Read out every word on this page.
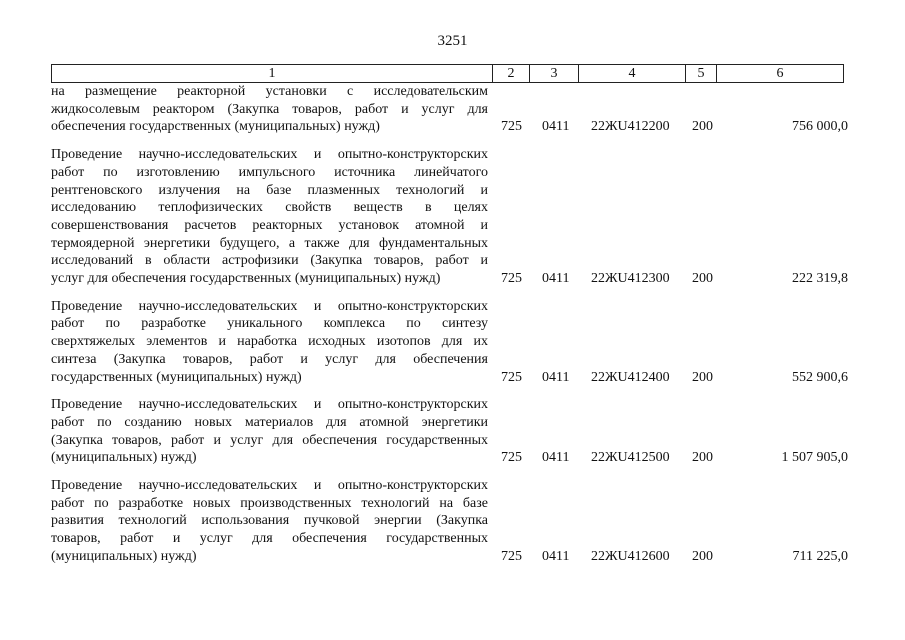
3251
1	2	3	4	5	6
на размещение реакторной установки с исследовательским
жидкосолевым реактором (Закупка товаров, работ и услуг для
обеспечения государственных (муниципальных) нужд)	725 0411 22ЖU412200 200	756 000,0
Проведение научно-исследовательских и опытно-конструкторских
работ по изготовлению импульсного источника линейчатого
рентгеновского излучения на базе плазменных технологий и
исследованию теплофизических свойств веществ в целях
совершенствования расчетов реакторных установок атомной и
термоядерной энергетики будущего, а также для фундаментальных
исследований в области астрофизики (Закупка товаров, работ и
услуг для обеспечения государственных (муниципальных) нужд)	725 0411 22ЖU412300 200	222 319,8
Проведение научно-исследовательских и опытно-конструкторских
работ по разработке уникального комплекса по синтезу
сверхтяжелых элементов и наработка исходных изотопов для их
синтеза (Закупка товаров, работ и услуг для обеспечения
государственных (муниципальных) нужд)	725 0411 22ЖU412400 200	552 900,6
Проведение научно-исследовательских и опытно-конструкторских
работ по созданию новых материалов для атомной энергетики
(Закупка товаров, работ и услуг для обеспечения государственных
(муниципальных) нужд)	725 0411 22ЖU412500 200	1 507 905,0
Проведение научно-исследовательских и опытно-конструкторских
работ по разработке новых производственных технологий на базе
развития технологий использования пучковой энергии (Закупка
товаров, работ и услуг для обеспечения государственных
(муниципальных) нужд)	725 0411 22ЖU412600 200	711 225,0
